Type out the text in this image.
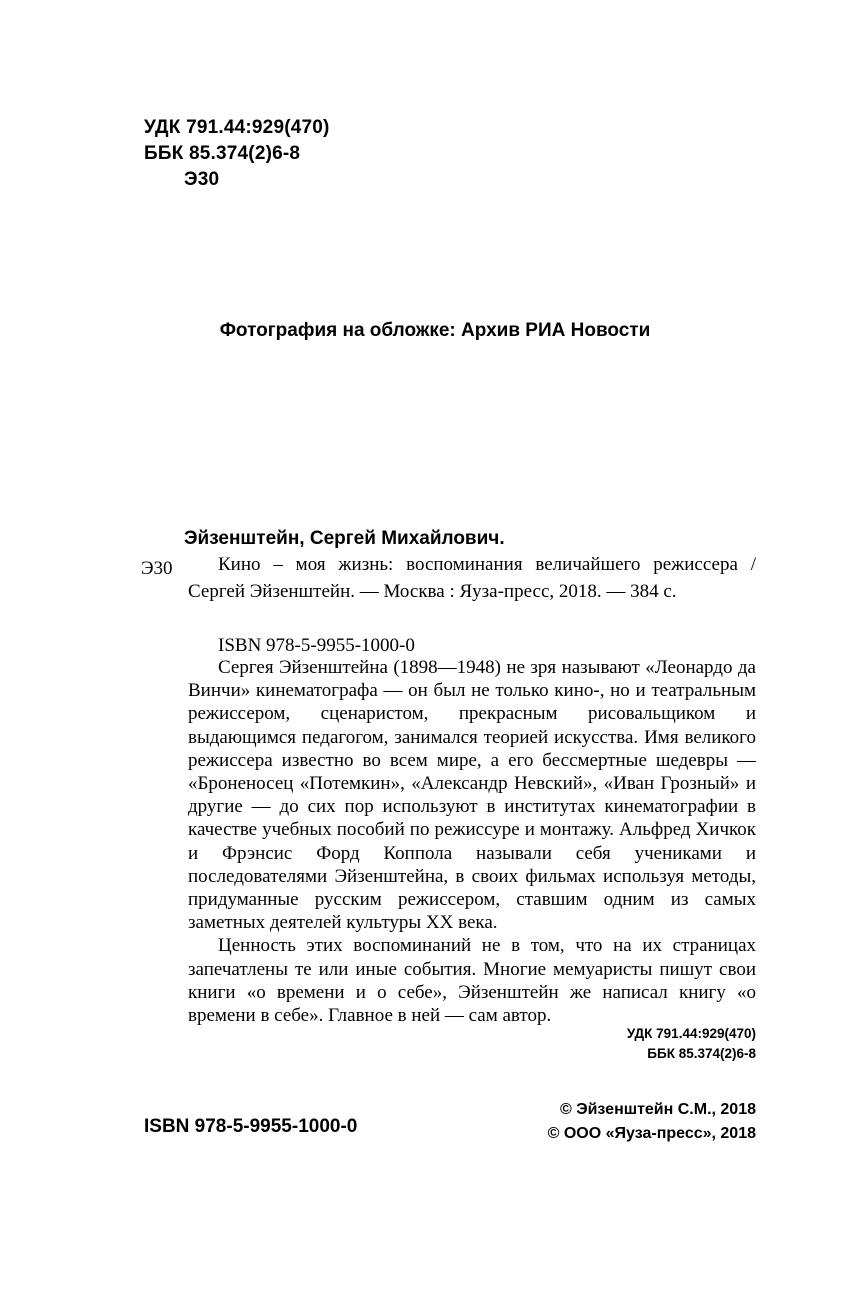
УДК 791.44:929(470)
ББК 85.374(2)6-8
Э30
Фотография на обложке: Архив РИА Новости
Эйзенштейн, Сергей Михайлович.
Э30	Кино – моя жизнь: воспоминания величайшего режиссера / Сергей Эйзенштейн. — Москва : Яуза-пресс, 2018. — 384 с.
ISBN 978-5-9955-1000-0

Сергея Эйзенштейна (1898—1948) не зря называют «Леонардо да Винчи» кинематографа — он был не только кино-, но и театральным режиссером, сценаристом, прекрасным рисовальщиком и выдающимся педагогом, занимался теорией искусства. Имя великого режиссера известно во всем мире, а его бессмертные шедевры — «Броненосец «Потемкин», «Александр Невский», «Иван Грозный» и другие — до сих пор используют в институтах кинематографии в качестве учебных пособий по режиссуре и монтажу. Альфред Хичкок и Фрэнсис Форд Коппола называли себя учениками и последователями Эйзенштейна, в своих фильмах используя методы, придуманные русским режиссером, ставшим одним из самых заметных деятелей культуры XX века.

Ценность этих воспоминаний не в том, что на их страницах запечатлены те или иные события. Многие мемуаристы пишут свои книги «о времени и о себе», Эйзенштейн же написал книгу «о времени в себе». Главное в ней — сам автор.

УДК 791.44:929(470)
ББК 85.374(2)6-8
ISBN 978-5-9955-1000-0
© Эйзенштейн С.М., 2018
© ООО «Яуза-пресс», 2018
